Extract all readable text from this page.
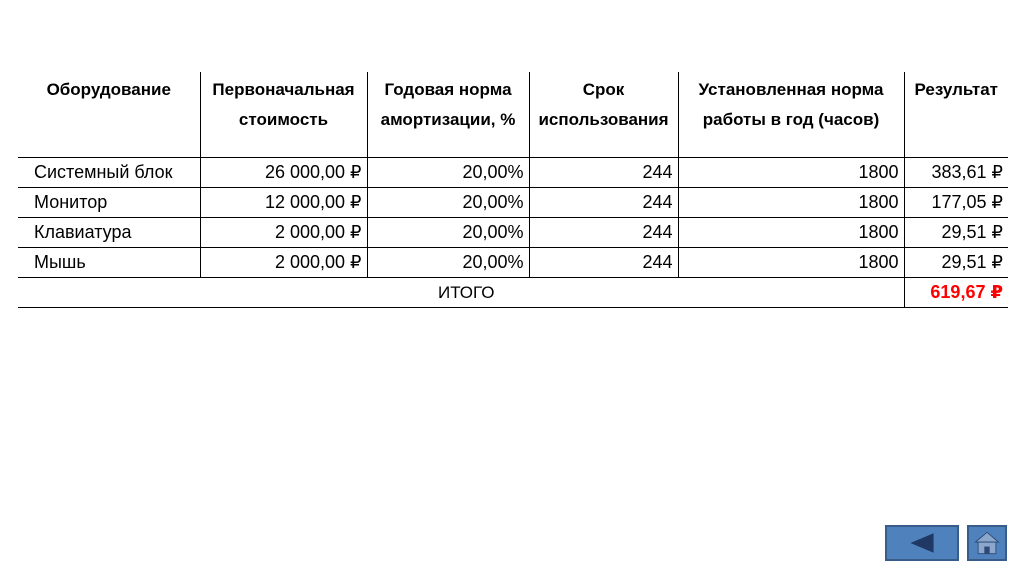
Оборудование	Первоначальная стоимость	Годовая норма амортизации, %	Срок использования	Установленная норма работы в год (часов)	Результат
Системный блок	26 000,00 ₽	20,00%	244	1800	383,61 ₽
Монитор	12 000,00 ₽	20,00%	244	1800	177,05 ₽
Клавиатура	2 000,00 ₽	20,00%	244	1800	29,51 ₽
Мышь	2 000,00 ₽	20,00%	244	1800	29,51 ₽
ИТОГО					619,67 ₽
